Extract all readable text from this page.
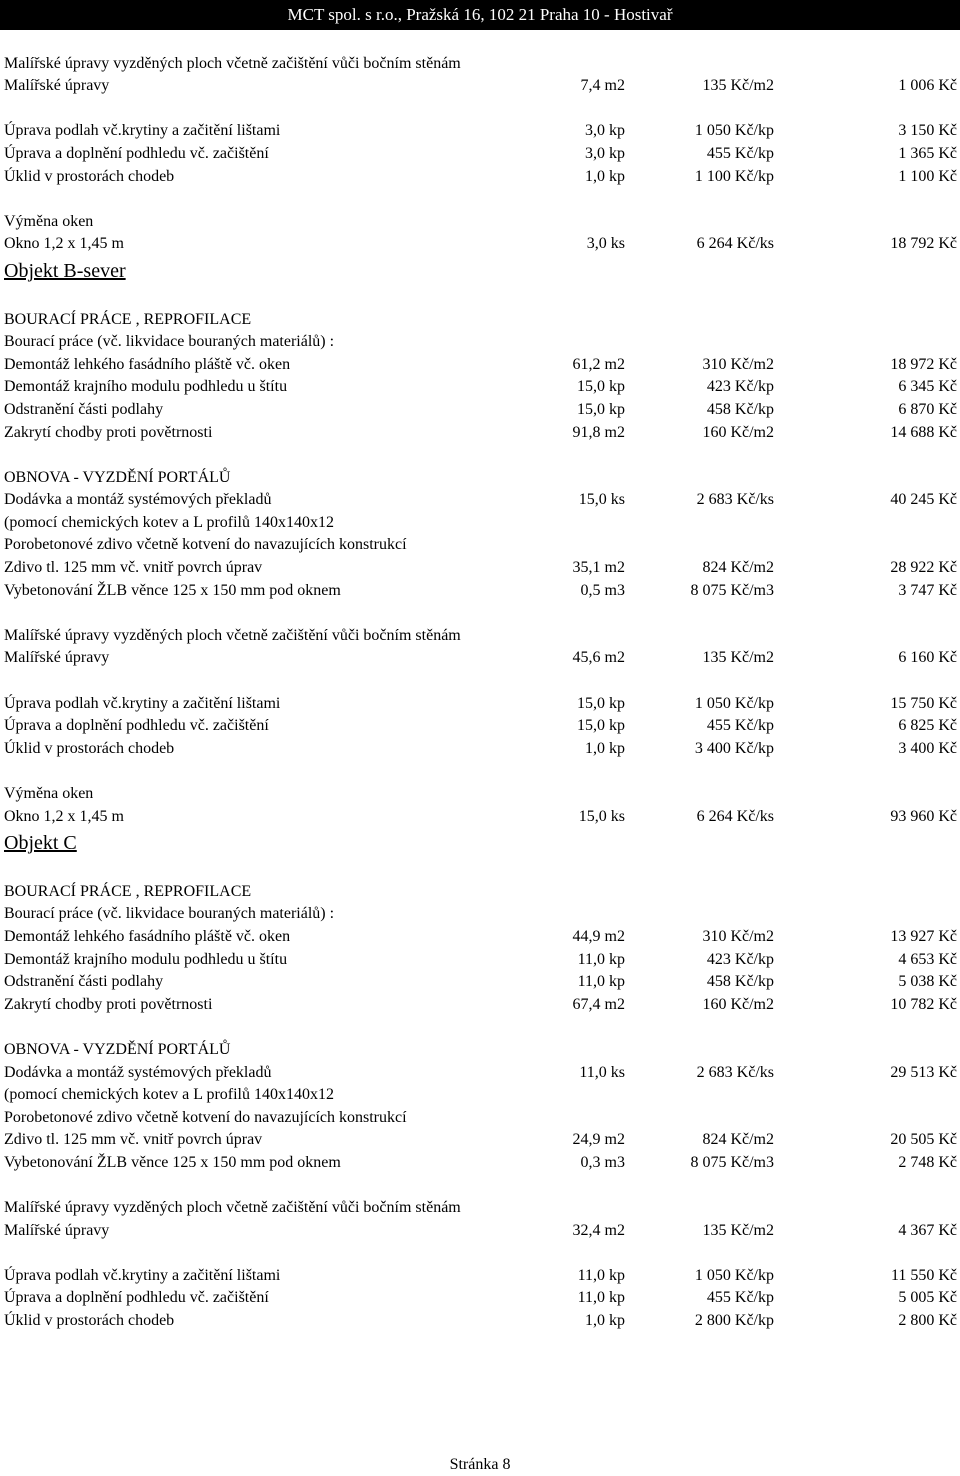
MCT spol. s r.o., Pražská 16, 102 21 Praha 10 - Hostivař
Malířské úpravy vyzděných ploch včetně začištění vůči bočním stěnám
Malířské úpravy	7,4 m2	135 Kč/m2	1 006 Kč
Úprava podlah vč.krytiny a začitění lištami	3,0 kp	1 050 Kč/kp	3 150 Kč
Úprava a doplnění podhledu vč. začištění	3,0 kp	455 Kč/kp	1 365 Kč
Úklid v prostorách chodeb	1,0 kp	1 100 Kč/kp	1 100 Kč
Výměna oken
Okno 1,2 x 1,45 m	3,0 ks	6 264 Kč/ks	18 792 Kč
Objekt B-sever
BOURACÍ PRÁCE , REPROFILACE
Bourací práce (vč. likvidace bouraných materiálů) :
Demontáž lehkého fasádního pláště vč. oken	61,2 m2	310 Kč/m2	18 972 Kč
Demontáž krajního modulu podhledu u štítu	15,0 kp	423 Kč/kp	6 345 Kč
Odstranění části podlahy	15,0 kp	458 Kč/kp	6 870 Kč
Zakrytí chodby proti povětrnosti	91,8 m2	160 Kč/m2	14 688 Kč
OBNOVA - VYZDĚNÍ PORTÁLŮ
Dodávka a montáž systémových překladů	15,0 ks	2 683 Kč/ks	40 245 Kč
(pomocí chemických kotev a L profilů 140x140x12
Porobetonové zdivo včetně kotvení do navazujících konstrukcí
Zdivo tl. 125 mm vč. vnitř povrch úprav	35,1 m2	824 Kč/m2	28 922 Kč
Vybetonování ŽLB věnce 125 x 150 mm pod oknem	0,5 m3	8 075 Kč/m3	3 747 Kč
Malířské úpravy vyzděných ploch včetně začištění vůči bočním stěnám
Malířské úpravy	45,6 m2	135 Kč/m2	6 160 Kč
Úprava podlah vč.krytiny a začitění lištami	15,0 kp	1 050 Kč/kp	15 750 Kč
Úprava a doplnění podhledu vč. začištění	15,0 kp	455 Kč/kp	6 825 Kč
Úklid v prostorách chodeb	1,0 kp	3 400 Kč/kp	3 400 Kč
Výměna oken
Okno 1,2 x 1,45 m	15,0 ks	6 264 Kč/ks	93 960 Kč
Objekt C
BOURACÍ PRÁCE , REPROFILACE
Bourací práce (vč. likvidace bouraných materiálů) :
Demontáž lehkého fasádního pláště vč. oken	44,9 m2	310 Kč/m2	13 927 Kč
Demontáž krajního modulu podhledu u štítu	11,0 kp	423 Kč/kp	4 653 Kč
Odstranění části podlahy	11,0 kp	458 Kč/kp	5 038 Kč
Zakrytí chodby proti povětrnosti	67,4 m2	160 Kč/m2	10 782 Kč
OBNOVA - VYZDĚNÍ PORTÁLŮ
Dodávka a montáž systémových překladů	11,0 ks	2 683 Kč/ks	29 513 Kč
(pomocí chemických kotev a L profilů 140x140x12
Porobetonové zdivo včetně kotvení do navazujících konstrukcí
Zdivo tl. 125 mm vč. vnitř povrch úprav	24,9 m2	824 Kč/m2	20 505 Kč
Vybetonování ŽLB věnce 125 x 150 mm pod oknem	0,3 m3	8 075 Kč/m3	2 748 Kč
Malířské úpravy vyzděných ploch včetně začištění vůči bočním stěnám
Malířské úpravy	32,4 m2	135 Kč/m2	4 367 Kč
Úprava podlah vč.krytiny a začitění lištami	11,0 kp	1 050 Kč/kp	11 550 Kč
Úprava a doplnění podhledu vč. začištění	11,0 kp	455 Kč/kp	5 005 Kč
Úklid v prostorách chodeb	1,0 kp	2 800 Kč/kp	2 800 Kč
Stránka 8
